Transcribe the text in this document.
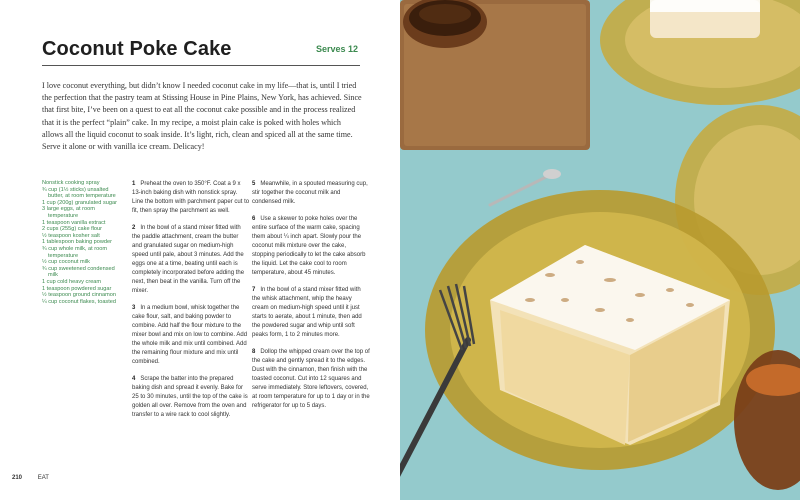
Coconut Poke Cake	Serves 12
I love coconut everything, but didn’t know I needed coconut cake in my life—that is, until I tried the perfection that the pastry team at Stissing House in Pine Plains, New York, has achieved. Since that first bite, I’ve been on a quest to eat all the coconut cake possible and in the process realized that it is the perfect “plain” cake. In my recipe, a moist plain cake is poked with holes which allows all the liquid coconut to soak inside. It’s light, rich, clean and spiced all at the same time. Serve it alone or with vanilla ice cream. Delicacy!
Nonstick cooking spray
¾ cup (1½ sticks) unsalted
butter, at room temperature
1 cup (200g) granulated sugar
3 large eggs, at room
temperature
1 teaspoon vanilla extract
2 cups (255g) cake flour
½ teaspoon kosher salt
1 tablespoon baking powder
¾ cup whole milk, at room
temperature
½ cup coconut milk
¾ cup sweetened condensed
milk
1 cup cold heavy cream
1 teaspoon powdered sugar
½ teaspoon ground cinnamon
¼ cup coconut flakes, toasted
1 Preheat the oven to 350°F. Coat a 9 x 13-inch baking dish with nonstick spray. Line the bottom with parchment paper cut to fit, then spray the parchment as well.
2 In the bowl of a stand mixer fitted with the paddle attachment, cream the butter and granulated sugar on medium-high speed until pale, about 3 minutes. Add the eggs one at a time, beating until each is completely incorporated before adding the next, then beat in the vanilla. Turn off the mixer.
3 In a medium bowl, whisk together the cake flour, salt, and baking powder to combine. Add half the flour mixture to the mixer bowl and mix on low to combine. Add the whole milk and mix until combined. Add the remaining flour mixture and mix until combined.
4 Scrape the batter into the prepared baking dish and spread it evenly. Bake for 25 to 30 minutes, until the top of the cake is golden all over. Remove from the oven and transfer to a wire rack to cool slightly.
5 Meanwhile, in a spouted measuring cup, stir together the coconut milk and condensed milk.
6 Use a skewer to poke holes over the entire surface of the warm cake, spacing them about ¼ inch apart. Slowly pour the coconut milk mixture over the cake, stopping periodically to let the cake absorb the liquid. Let the cake cool to room temperature, about 45 minutes.
7 In the bowl of a stand mixer fitted with the whisk attachment, whip the heavy cream on medium-high speed until it just starts to aerate, about 1 minute, then add the powdered sugar and whip until soft peaks form, 1 to 2 minutes more.
8 Dollop the whipped cream over the top of the cake and gently spread it to the edges. Dust with the cinnamon, then finish with the toasted coconut. Cut into 12 squares and serve immediately. Store leftovers, covered, at room temperature for up to 1 day or in the refrigerator for up to 5 days.
210	EAT
